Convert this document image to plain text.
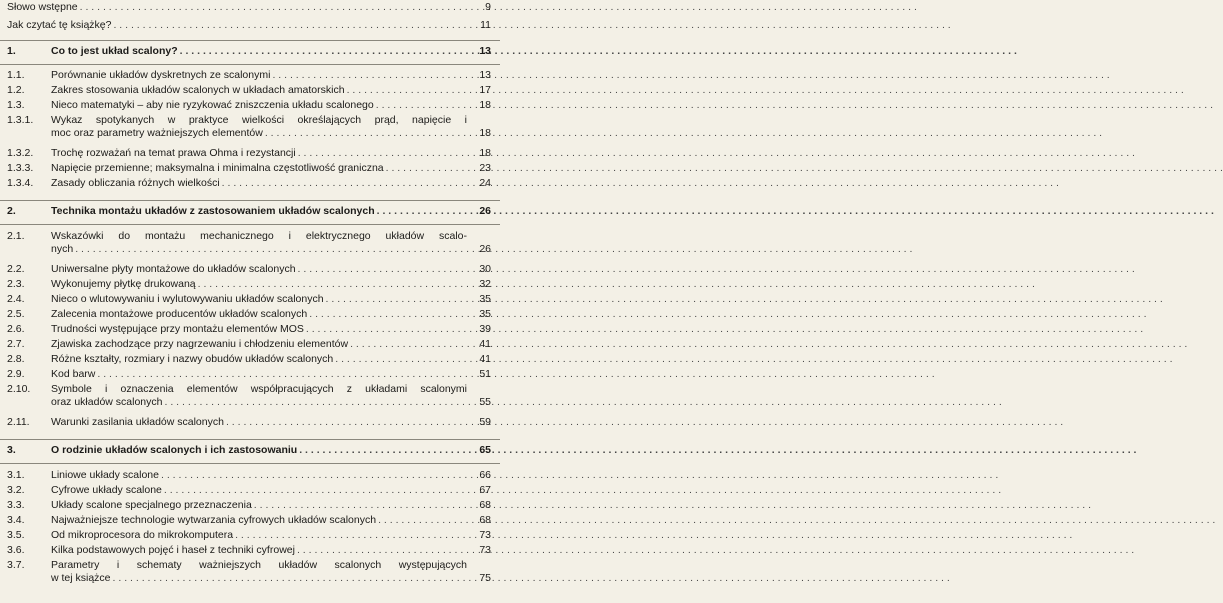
Słowo wstępne . . .	9
Jak czytać tę książkę? . . .	11
1.	Co to jest układ scalony? . . .	13
1.1.	Porównanie układów dyskretnych ze scalonymi . . .	13
1.2.	Zakres stosowania układów scalonych w układach amatorskich . . .	17
1.3.	Nieco matematyki – aby nie ryzykować zniszczenia układu scalonego . . .	18
1.3.1. Wykaz spotykanych w praktyce wielkości określających prąd, napięcie i
moc oraz parametry ważniejszych elementów . . .	18
1.3.2. Trochę rozważań na temat prawa Ohma i rezystancji . . .	18
1.3.3. Napięcie przemienne; maksymalna i minimalna częstotliwość graniczna . . .	23
1.3.4. Zasady obliczania różnych wielkości . . .	24
2.	Technika montażu układów z zastosowaniem układów scalonych . . .	26
2.1.	Wskazówki do montażu mechanicznego i elektrycznego układów scalo-
nych . . .	26
2.2.	Uniwersalne płyty montażowe do układów scalonych . . .	30
2.3.	Wykonujemy płytkę drukowaną . . .	32
2.4.	Nieco o wlutowywaniu i wylutowywaniu układów scalonych . . .	35
2.5.	Zalecenia montażowe producentów układów scalonych . . .	35
2.6.	Trudności występujące przy montażu elementów MOS . . .	39
2.7.	Zjawiska zachodzące przy nagrzewaniu i chłodzeniu elementów . . .	41
2.8.	Różne kształty, rozmiary i nazwy obudów układów scalonych . . .	41
2.9.	Kod barw . . .	51
2.10. Symbole i oznaczenia elementów współpracujących z układami scalonymi
oraz układów scalonych . . .	55
2.11. Warunki zasilania układów scalonych . . .	59
3.	O rodzinie układów scalonych i ich zastosowaniu . . .	65
3.1.	Liniowe układy scalone . . .	66
3.2.	Cyfrowe układy scalone . . .	67
3.3.	Układy scalone specjalnego przeznaczenia . . .	68
3.4.	Najważniejsze technologie wytwarzania cyfrowych układów scalonych . . .	68
3.5.	Od mikroprocesora do mikrokomputera . . .	73
3.6.	Kilka podstawowych pojęć i haseł z techniki cyfrowej . . .	73
3.7.	Parametry i schematy ważniejszych układów scalonych występujących
w tej książce . . .	75
